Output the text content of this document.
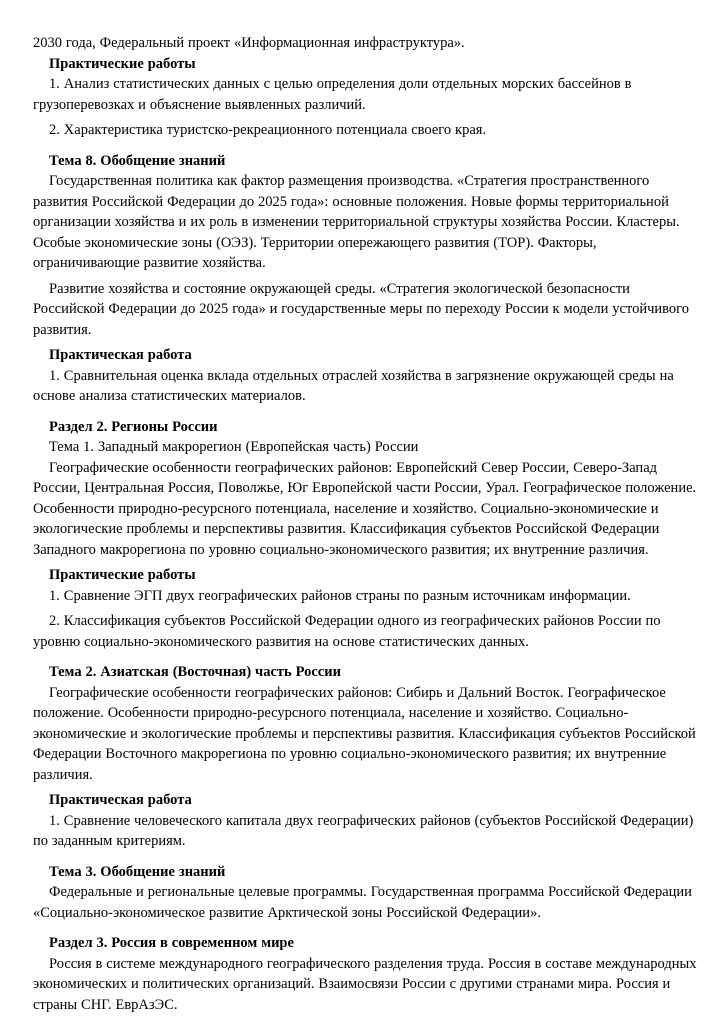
2030 года, Федеральный проект «Информационная инфраструктура».

Практические работы

1. Анализ статистических данных с целью определения доли отдельных морских бассейнов в грузоперевозках и объяснение выявленных различий.

2. Характеристика туристско-рекреационного потенциала своего края.

Тема 8. Обобщение знаний

Государственная политика как фактор размещения производства. «Стратегия пространственного развития Российской Федерации до 2025 года»: основные положения. Новые формы территориальной организации хозяйства и их роль в изменении территориальной структуры хозяйства России. Кластеры. Особые экономические зоны (ОЭЗ). Территории опережающего развития (ТОР). Факторы, ограничивающие развитие хозяйства.

Развитие хозяйства и состояние окружающей среды. «Стратегия экологической безопасности Российской Федерации до 2025 года» и государственные меры по переходу России к модели устойчивого развития.

Практическая работа

1. Сравнительная оценка вклада отдельных отраслей хозяйства в загрязнение окружающей среды на основе анализа статистических материалов.

Раздел 2. Регионы России

Тема 1. Западный макрорегион (Европейская часть) России

Географические особенности географических районов: Европейский Север России, Северо-Запад России, Центральная Россия, Поволжье, Юг Европейской части России, Урал. Географическое положение. Особенности природно-ресурсного потенциала, население и хозяйство. Социально-экономические и экологические проблемы и перспективы развития. Классификация субъектов Российской Федерации Западного макрорегиона по уровню социально-экономического развития; их внутренние различия.

Практические работы

1. Сравнение ЭГП двух географических районов страны по разным источникам информации.

2. Классификация субъектов Российской Федерации одного из географических районов России по уровню социально-экономического развития на основе статистических данных.

Тема 2. Азиатская (Восточная) часть России

Географические особенности географических районов: Сибирь и Дальний Восток. Географическое положение. Особенности природно-ресурсного потенциала, население и хозяйство. Социально-экономические и экологические проблемы и перспективы развития. Классификация субъектов Российской Федерации Восточного макрорегиона по уровню социально-экономического развития; их внутренние различия.

Практическая работа

1. Сравнение человеческого капитала двух географических районов (субъектов Российской Федерации) по заданным критериям.

Тема 3. Обобщение знаний

Федеральные и региональные целевые программы. Государственная программа Российской Федерации «Социально-экономическое развитие Арктической зоны Российской Федерации».

Раздел 3. Россия в современном мире

Россия в системе международного географического разделения труда. Россия в составе международных экономических и политических организаций. Взаимосвязи России с другими странами мира. Россия и страны СНГ. ЕврАзЭС.
